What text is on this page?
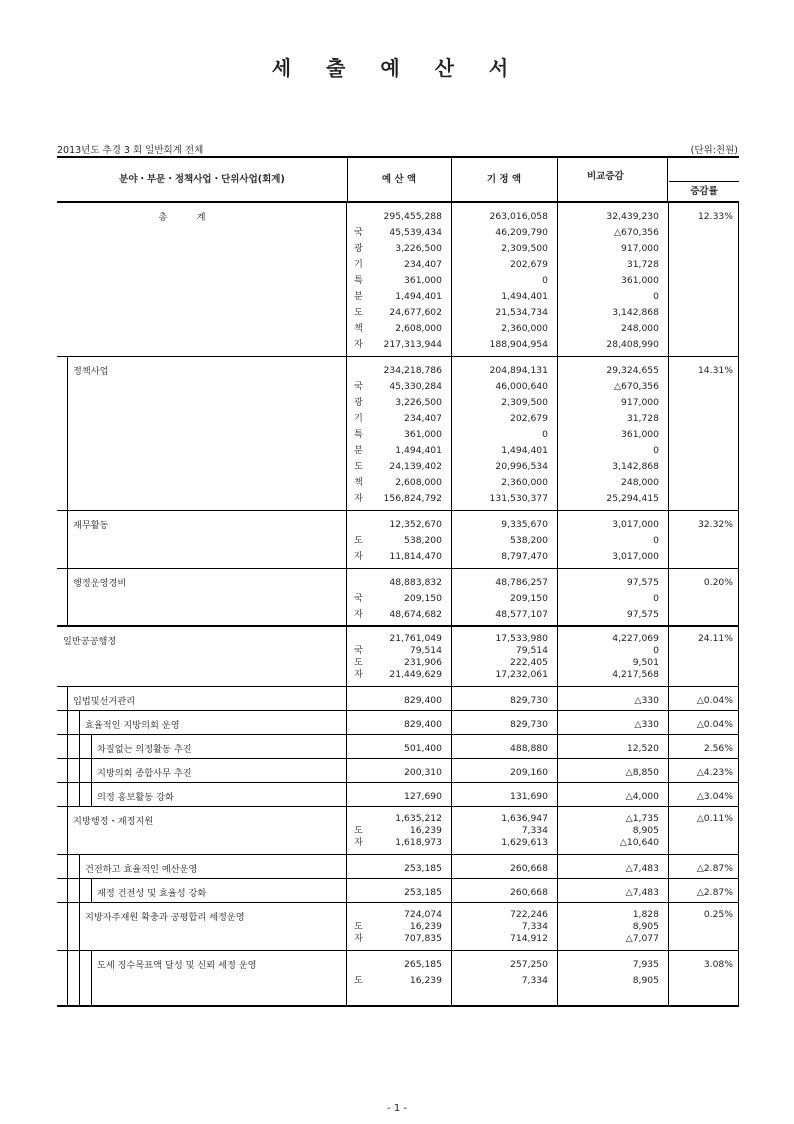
세 출 예 산 서
2013년도 추경 3 회 일반회계 전체	(단위:천원)
분야・부문・정책사업・단위사업(회계)	예 산 액	기 정 액	비교증감
증감률
총          계	295,455,288	263,016,058	32,439,230	12.33%
국	45,539,434	46,209,790	△670,356
광	3,226,500	2,309,500	917,000
기	234,407	202,679	31,728
특	361,000	0	361,000
분	1,494,401	1,494,401	0
도	24,677,602	21,534,734	3,142,868
책	2,608,000	2,360,000	248,000
자	217,313,944	188,904,954	28,408,990
정책사업	234,218,786	204,894,131	29,324,655	14.31%
국	45,330,284	46,000,640	△670,356
광	3,226,500	2,309,500	917,000
기	234,407	202,679	31,728
특	361,000	0	361,000
분	1,494,401	1,494,401	0
도	24,139,402	20,996,534	3,142,868
책	2,608,000	2,360,000	248,000
자	156,824,792	131,530,377	25,294,415
재무활동	12,352,670	9,335,670	3,017,000	32.32%
도	538,200	538,200	0
자	11,814,470	8,797,470	3,017,000
행정운영경비	48,883,832	48,786,257	97,575	0.20%
국	209,150	209,150	0
자	48,674,682	48,577,107	97,575
일반공공행정	21,761,049	17,533,980	4,227,069	24.11%
국	79,514	79,514	0
도	231,906	222,405	9,501
자	21,449,629	17,232,061	4,217,568
입법및선거관리	829,400	829,730	△330	△0.04%
효율적인 지방의회 운영	829,400	829,730	△330	△0.04%
차질없는 의정활동 추진	501,400	488,880	12,520	2.56%
지방의회 종합사무 추진	200,310	209,160	△8,850	△4.23%
의정 홍보활동 강화	127,690	131,690	△4,000	△3.04%
지방행정・재정지원	1,635,212	1,636,947	△1,735	△0.11%
도	16,239	7,334	8,905
자	1,618,973	1,629,613	△10,640
건전하고 효율적인 예산운영	253,185	260,668	△7,483	△2.87%
재정 건전성 및 효율성 강화	253,185	260,668	△7,483	△2.87%
지방자주재원 확충과 공평합리 세정운영	724,074	722,246	1,828	0.25%
도	16,239	7,334	8,905
자	707,835	714,912	△7,077
도세 징수목표액 달성 및 신뢰 세정 운영	265,185	257,250	7,935	3.08%
도	16,239	7,334	8,905
- 1 -
